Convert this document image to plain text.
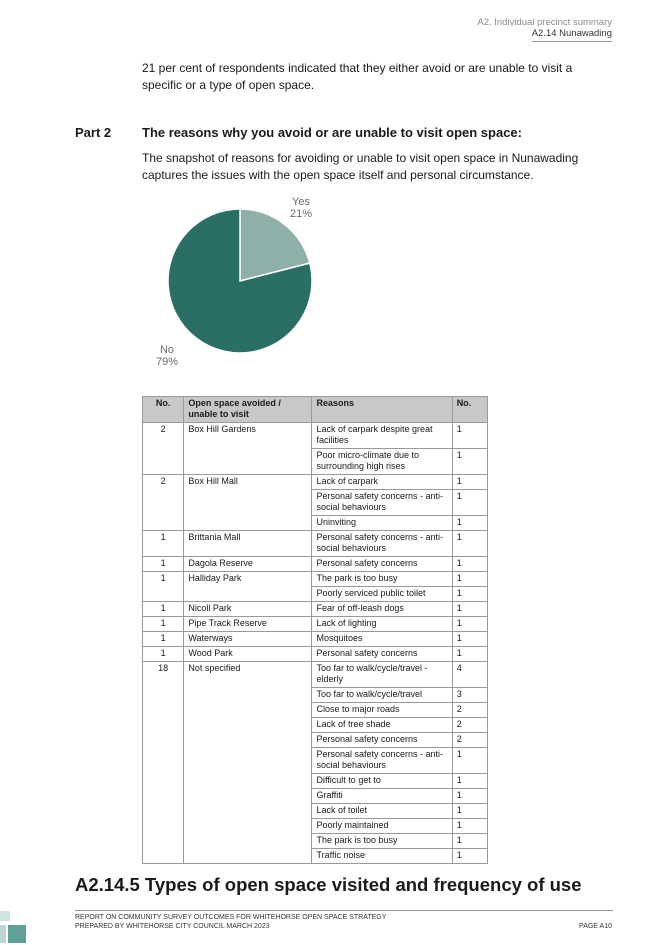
A2. Individual precinct summary
A2.14 Nunawading
21 per cent of respondents indicated that they either avoid or are unable to visit a specific or a type of open space.
Part 2 The reasons why you avoid or are unable to visit open space:
The snapshot of reasons for avoiding or unable to visit open space in Nunawading captures the issues with the open space itself and personal circumstance.
Yes
21%
No
79%
No.	Open space avoided / unable to visit	Reasons	No.
2	Box Hill Gardens	Lack of carpark despite great facilities	1
		Poor micro-climate due to surrounding high rises	1
2	Box Hill Mall	Lack of carpark	1
		Personal safety concerns - anti-social behaviours	1
		Uninviting	1
1	Brittania Mall	Personal safety concerns - anti-social behaviours	1
1	Dagola Reserve	Personal safety concerns	1
1	Halliday Park	The park is too busy	1
		Poorly serviced public toilet	1
1	Nicoll Park	Fear of off-leash dogs	1
1	Pipe Track Reserve	Lack of lighting	1
1	Waterways	Mosquitoes	1
1	Wood Park	Personal safety concerns	1
18	Not specified	Too far to walk/cycle/travel - elderly	4
		Too far to walk/cycle/travel	3
		Close to major roads	2
		Lack of tree shade	2
		Personal safety concerns	2
		Personal safety concerns - anti-social behaviours	1
		Difficult to get to	1
		Graffiti	1
		Lack of toilet	1
		Poorly maintained	1
		The park is too busy	1
		Traffic noise	1
A2.14.5 Types of open space visited and frequency of use
REPORT ON COMMUNITY SURVEY OUTCOMES FOR WHITEHORSE OPEN SPACE STRATEGY
PREPARED BY WHITEHORSE CITY COUNCIL MARCH 2023	PAGE A10
